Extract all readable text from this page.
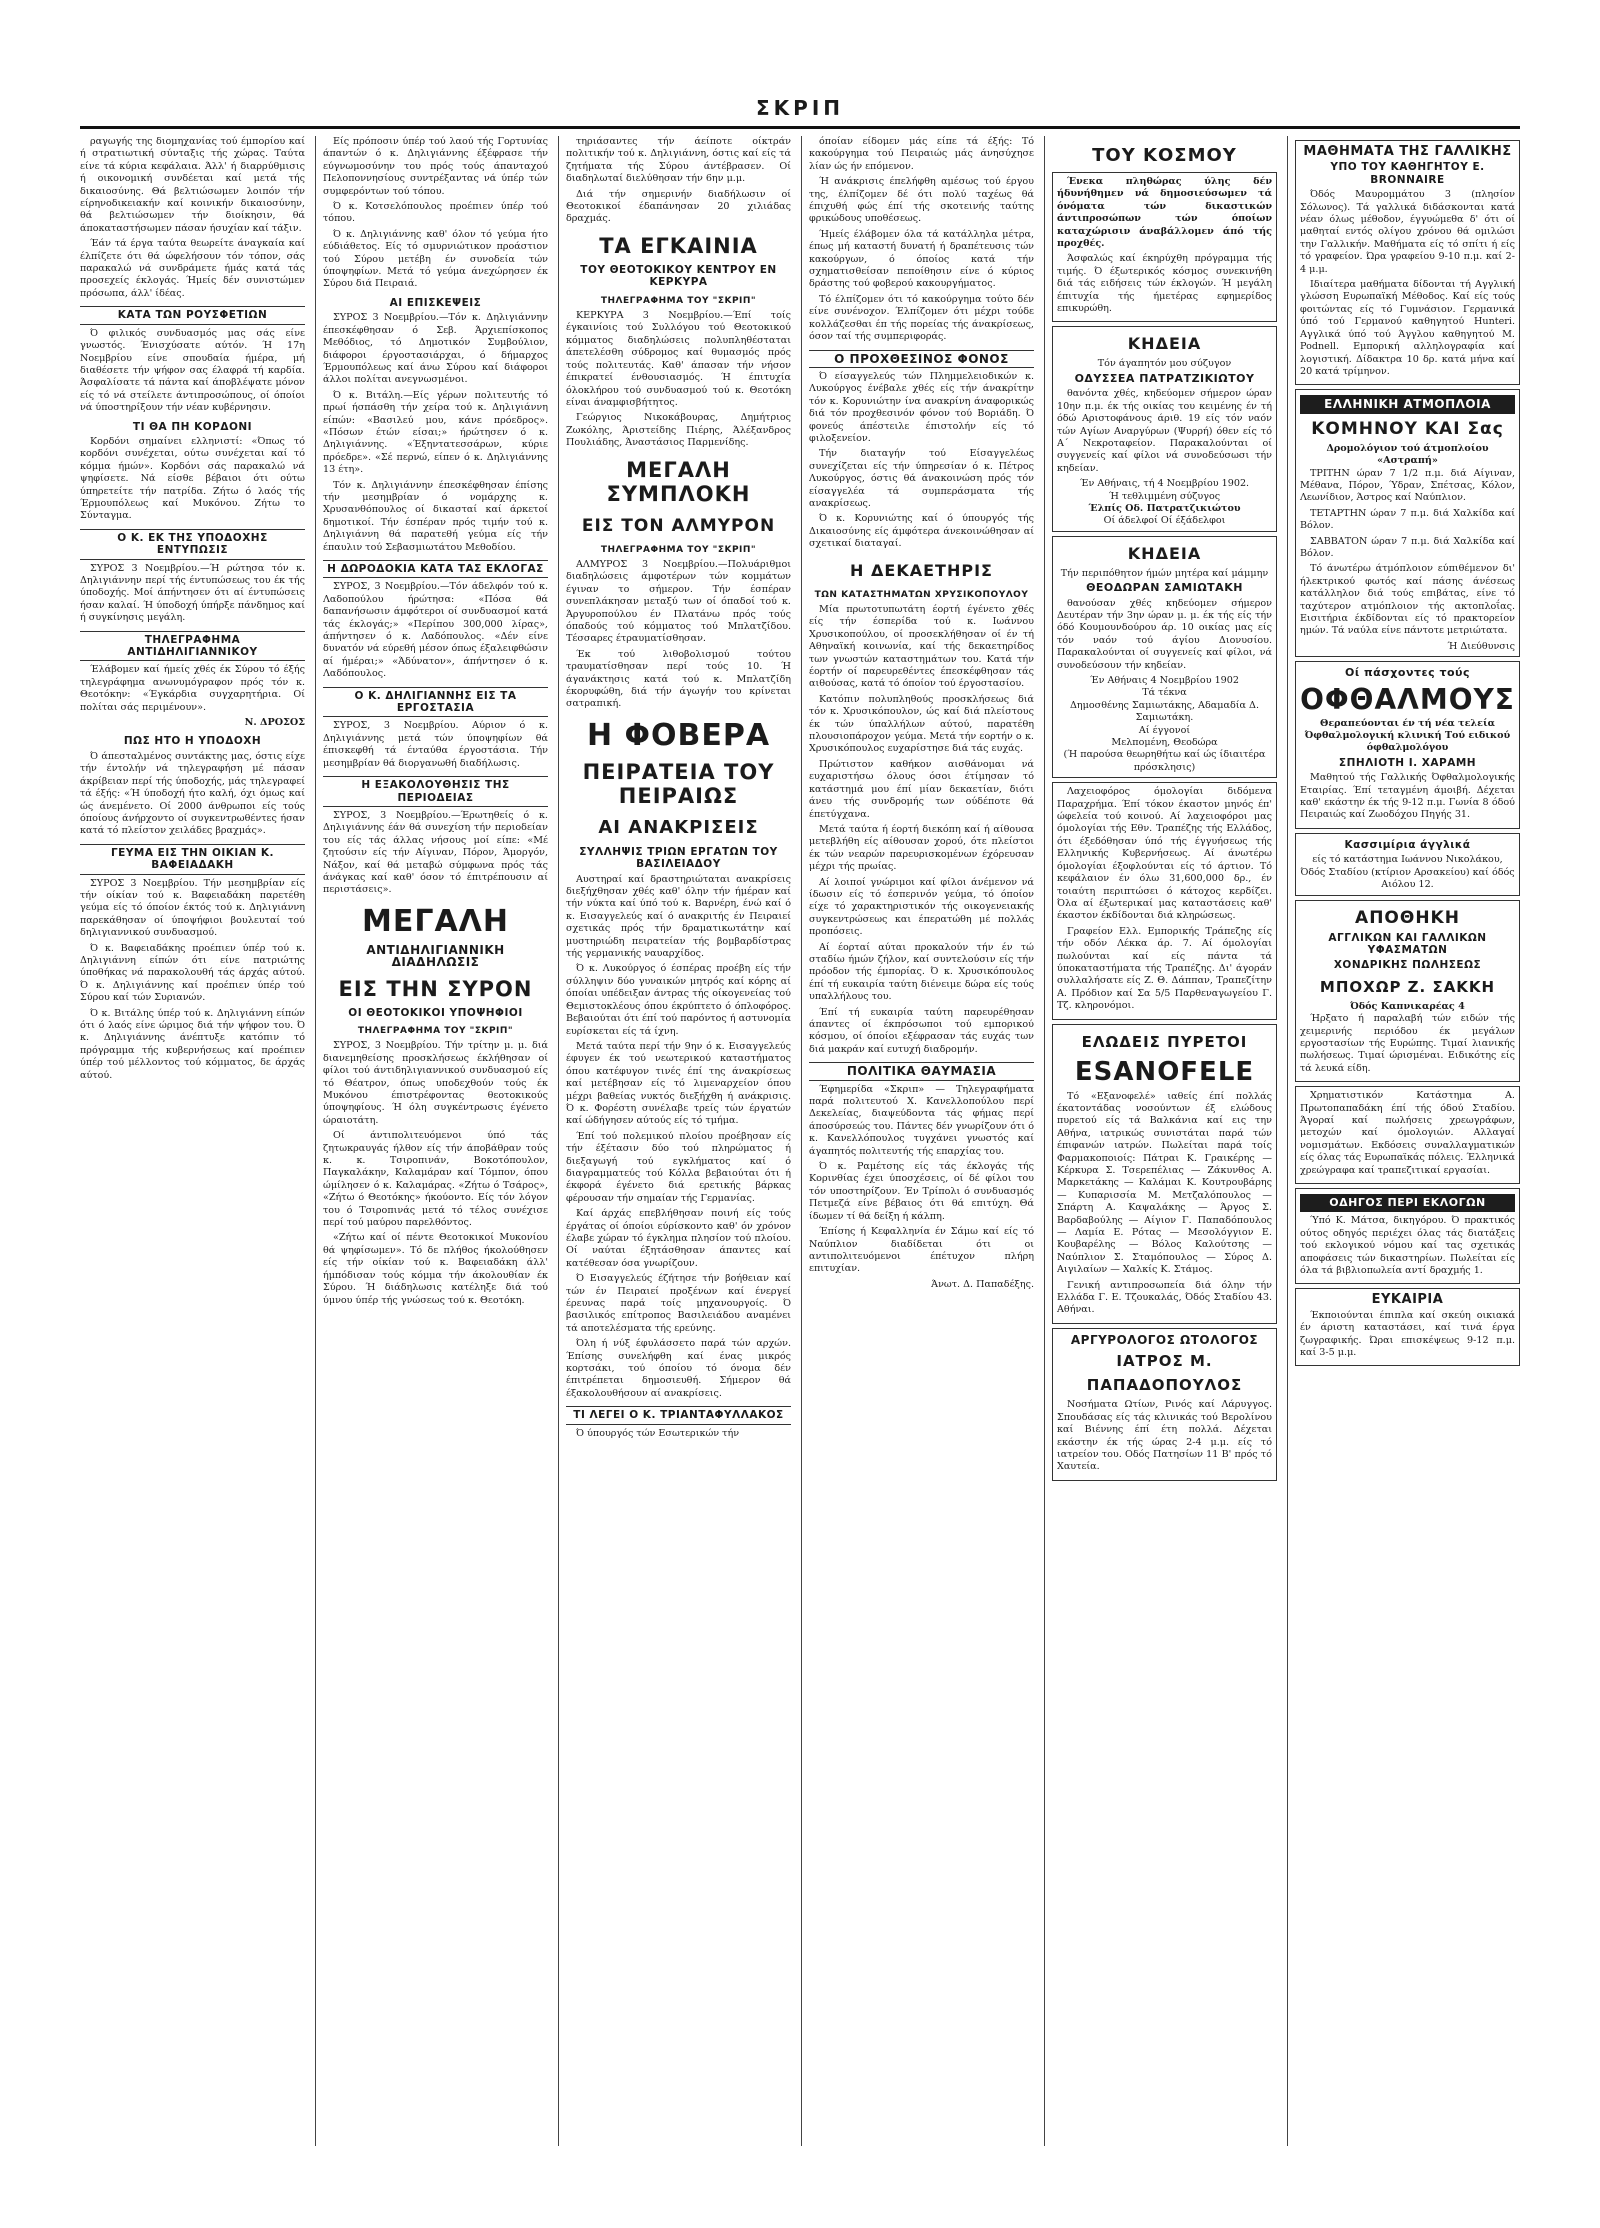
ΣΚΡΙΠ

ραγωγής της διομηχανίας τού έμπορίου καί ή στρατιωτική σύνταξις τής χώρας. Ταύτα είνε τά κύρια κεφάλαια. Άλλ' ή διαρρύθμισις ή οικονομική συνδέεται καί μετά τής δικαιοσύνης. Θά βελτιώσωμεν λοιπόν τήν είρηνοδικειακήν καί κοινικήν δικαιοσύνην, θά βελτιώσωμεν τήν διοίκησιν, θά άποκαταστήσωμεν πάσαν ήσυχίαν καί τάξιν.

Έάν τά έργα ταύτα θεωρείτε άναγκαία καί έλπίζετε ότι θά ώφελήσουν τόν τόπον, σάς παρακαλώ νά συνδράμετε ήμάς κατά τάς προσεχείς έκλογάς. Ήμείς δέν συνιστώμεν πρόσωπα, άλλ' ίδέας.

ΚΑΤΑ ΤΩΝ ΡΟΥΣΦΕΤΙΩΝ

Ό φιλικός συνδυασμός μας σάς είνε γνωστός. Ένισχύσατε αύτόν. Ή 17η Νοεμβρίου είνε σπουδαία ήμέρα, μή διαθέσετε τήν ψήφον σας έλαφρά τή καρδία. Άσφαλίσατε τά πάντα καί άποβλέψατε μόνον είς τό νά στείλετε άντιπροσώπους, οί όποίοι νά ύποστηρίξουν τήν νέαν κυβέρνησιν.

ΤΙ ΘΑ ΠΗ ΚΟΡΔΟΝΙ

Κορδόνι σημαίνει ελληνιστί: «Όπως τό κορδόνι συνέχεται, ούτω συνέχεται καί τό κόμμα ήμών». Κορδόνι σάς παρακαλώ νά ψηφίσετε. Νά είσθε βέβαιοι ότι ούτω ύπηρετείτε τήν πατρίδα. Ζήτω ό λαός τής Έρμουπόλεως καί Μυκόνου. Ζήτω το Σύνταγμα.

Ο Κ. ΕΚ ΤΗΣ ΥΠΟΔΟΧΗΣ ΕΝΤΥΠΩΣΙΣ

ΣΥΡΟΣ 3 Νοεμβρίου.—Ή ρώτησα τόν κ. Δηλιγιάννην περί τής έντυπώσεως του έκ τής ύποδοχής. Μοί άπήντησεν ότι αί έντυπώσεις ήσαν καλαί. Ή ύποδοχή ύπήρξε πάνδημος καί ή συγκίνησις μεγάλη.

ΤΗΛΕΓΡΑΦΗΜΑ ΑΝΤΙΔΗΛΙΓΙΑΝΝΙΚΟΥ

Έλάβομεν καί ήμείς χθές έκ Σύρου τό έξής τηλεγράφημα ανωνυμόγραφον πρός τόν κ. Θεοτόκην: «Έγκάρδια συγχαρητήρια. Οί πολίται σάς περιμένουν».

Ν. ΔΡΟΣΟΣ
ΠΩΣ ΗΤΟ Η ΥΠΟΔΟΧΗ

Ό άπεσταλμένος συντάκτης μας, όστις είχε τήν έντολήν νά τηλεγραφήση μέ πάσαν άκρίβειαν περί τής ύποδοχής, μάς τηλεγραφεί τά έξής: «Ή ύποδοχή ήτο καλή, όχι όμως καί ώς άνεμένετο. Οί 2000 άνθρωποι είς τούς όποίους άνήρχοντο οί συγκεντρωθέντες ήσαν κατά τό πλείστον χειλάδες βραχμάς».

ΓΕΥΜΑ ΕΙΣ ΤΗΝ ΟΙΚΙΑΝ Κ. ΒΑΦΕΙΑΔΑΚΗ

ΣΥΡΟΣ 3 Νοεμβρίου. Τήν μεσημβρίαν είς τήν οίκίαν τού κ. Βαφειαδάκη παρετέθη γεύμα είς τό όποίον έκτός τού κ. Δηλιγιάννη παρεκάθησαν οί ύποψήφιοι βουλευταί τού δηλιγιαννικού συνδυασμού.

Ό κ. Βαφειαδάκης προέπιεν ύπέρ τού κ. Δηλιγιάννη είπών ότι είνε πατριώτης ύποθήκας νά παρακολουθή τάς άρχάς αύτού. Ό κ. Δηλιγιάννης καί προέπιεν ύπέρ τού Σύρου καί τών Συριανών.

Ό κ. Βιτάλης ύπέρ τού κ. Δηλιγιάννη είπών ότι ό λαός είνε ώριμος διά τήν ψήφον του. Ό κ. Δηλιγιάννης άνέπτυξε κατόπιν τό πρόγραμμα τής κυβερνήσεως καί προέπιεν ύπέρ τού μέλλοντος τού κόμματος, δε άρχάς αύτού.

Είς πρόποσιν ύπέρ τού λαού τής Γορτυνίας άπαντών ό κ. Δηλιγιάννης έξέφρασε τήν εύγνωμοσύνην του πρός τούς άπανταχού Πελοποννησίους συντρέξαντας νά ύπέρ τών συμφερόντων τού τόπου.

Ό κ. Κοτσελόπουλος προέπιεν ύπέρ τού τόπου.

Ό κ. Δηλιγιάννης καθ' όλον τό γεύμα ήτο εύδιάθετος. Είς τό σμυρνιώτικον προάστιον τού Σύρου μετέβη έν συνοδεία τών ύποψηφίων. Μετά τό γεύμα άνεχώρησεν έκ Σύρου διά Πειραιά.

ΑΙ ΕΠΙΣΚΕΨΕΙΣ

ΣΥΡΟΣ 3 Νοεμβρίου.—Τόν κ. Δηλιγιάννην έπεσκέφθησαν ό Σεβ. Άρχιεπίσκοπος Μεθόδιος, τό Δημοτικόν Συμβούλιον, διάφοροι έργοστασιάρχαι, ό δήμαρχος Έρμουπόλεως καί άνω Σύρου καί διάφοροι άλλοι πολίται ανεγνωσμένοι.

Ό κ. Βιτάλη.—Είς γέρων πολιτευτής τό πρωί ήσπάσθη τήν χείρα τού κ. Δηλιγιάννη είπών: «Βασιλεύ μου, κάνε πρόεδρος». «Πόσων έτών είσαι;» ήρώτησεν ό κ. Δηλιγιάννης. «Έξηντατεσσάρων, κύριε πρόεδρε». «Σέ περνώ, είπεν ό κ. Δηλιγιάννης 13 έτη».

Τόν κ. Δηλιγιάννην έπεσκέφθησαν έπίσης τήν μεσημβρίαν ό νομάρχης κ. Χρυσανθόπουλος οί δικασταί καί άρκετοί δημοτικοί. Τήν έσπέραν πρός τιμήν τού κ. Δηλιγιάννη θά παρατεθή γεύμα είς τήν έπαυλιν τού Σεβασμιωτάτου Μεθοδίου.

Η ΔΩΡΟΔΟΚΙΑ ΚΑΤΑ ΤΑΣ ΕΚΛΟΓΑΣ

ΣΥΡΟΣ, 3 Νοεμβρίου.—Τόν άδελφόν τού κ. Λαδοπούλου ήρώτησα: «Πόσα θά δαπανήσωσιν άμφότεροι οί συνδυασμοί κατά τάς έκλογάς;» «Περίπου 300,000 λίρας», άπήντησεν ό κ. Λαδόπουλος. «Δέν είνε δυνατόν νά εύρεθή μέσον όπως έξαλειφθώσιν αί ήμέραι;» «Άδύνατον», άπήντησεν ό κ. Λαδόπουλος.

Ο Κ. ΔΗΛΙΓΙΑΝΝΗΣ ΕΙΣ ΤΑ ΕΡΓΟΣΤΑΣΙΑ

ΣΥΡΟΣ, 3 Νοεμβρίου. Αύριον ό κ. Δηλιγιάννης μετά τών ύποψηφίων θά έπισκεφθή τά ένταύθα έργοστάσια. Τήν μεσημβρίαν θά διοργανωθή διαδήλωσις.

Η ΕΞΑΚΟΛΟΥΘΗΣΙΣ ΤΗΣ ΠΕΡΙΟΔΕΙΑΣ

ΣΥΡΟΣ, 3 Νοεμβρίου.—Έρωτηθείς ό κ. Δηλιγιάννης έάν θά συνεχίση τήν περιοδείαν του είς τάς άλλας νήσους μοί είπε: «Μέ ζητούσιν είς τήν Αίγιναν, Πόρον, Άμοργόν, Νάξον, καί θά μεταβώ σύμφωνα πρός τάς άνάγκας καί καθ' όσον τό έπιτρέπουσιν αί περιστάσεις».

ΜΕΓΑΛΗ
ΑΝΤΙΔΗΛΙΓΙΑΝΝΙΚΗ ΔΙΑΔΗΛΩΣΙΣ
ΕΙΣ ΤΗΝ ΣΥΡΟΝ
ΟΙ ΘΕΟΤΟΚΙΚΟΙ ΥΠΟΨΗΦΙΟΙ
ΤΗΛΕΓΡΑΦΗΜΑ ΤΟΥ "ΣΚΡΙΠ"

ΣΥΡΟΣ, 3 Νοεμβρίου. Τήν τρίτην μ. μ. διά διανεμηθείσης προσκλήσεως έκλήθησαν οί φίλοι τού άντιδηλιγιαννικού συνδυασμού είς τό Θέατρον, όπως υποδεχθούν τούς έκ Μυκόνου έπιστρέφοντας θεοτοκικούς ύποψηφίους. Ή όλη συγκέντρωσις έγένετο ώραιοτάτη.

Οί άντιπολιτευόμενοι ύπό τάς ζητωκραυγάς ήλθον είς τήν άποβάθραν τούς κ. κ. Τσιροπινάν, Βοκοτόπουλον, Παγκαλάκην, Καλαμάραν καί Τόμπον, όπου ώμίλησεν ό κ. Καλαμάρας. «Ζήτω ό Τσάρος», «Ζήτω ό Θεοτόκης» ήκούοντο. Είς τόν λόγον του ό Τσιροπινάς μετά τό τέλος συνέχισε περί τού μαύρου παρελθόντος.

«Ζήτω καί οί πέντε Θεοτοκικοί Μυκονίου θά ψηφίσωμεν». Τό δε πλήθος ήκολούθησεν είς τήν οίκίαν τού κ. Βαφειαδάκη άλλ' ήμπόδισαν τούς κόμμα τήν άκολουθίαν έκ Σύρου. Ή διάδηλωσις κατέληξε διά τού ύμνου ύπέρ τής γνώσεως τού κ. Θεοτόκη.

τηριάσαντες τήν άείποτε οίκτράν πολιτικήν τού κ. Δηλιγιάννη, όστις καί είς τά ζητήματα τής Σύρου άντέβρασεν. Οί διαδηλωταί διελύθησαν τήν 6ην μ.μ.

Διά τήν σημερινήν διαδήλωσιν οί Θεοτοκικοί έδαπάνησαν 20 χιλιάδας δραχμάς.

ΤΑ ΕΓΚΑΙΝΙΑ
ΤΟΥ ΘΕΟΤΟΚΙΚΟΥ ΚΕΝΤΡΟΥ ΕΝ ΚΕΡΚΥΡΑ
ΤΗΛΕΓΡΑΦΗΜΑ ΤΟΥ "ΣΚΡΙΠ"

ΚΕΡΚΥΡΑ 3 Νοεμβρίου.—Έπί τοίς έγκαινίοις τού Συλλόγου τού Θεοτοκικού κόμματος διαδηλώσεις πολυπληθέσταται άπετελέσθη σύδρομος καί θυμασμός πρός τούς πολιτευτάς. Καθ' άπασαν τήν νήσον έπικρατεί ένθουσιασμός. Ή έπιτυχία όλοκλήρου τού συνδυασμού τού κ. Θεοτόκη είναι άναμφισβήτητος.

Γεώργιος Νικοκάβουρας, Δημήτριος Ζωκόλης, Άριστείδης Πιέρης, Άλέξανδρος Πουλιάδης, Άναστάσιος Παρμενίδης.

ΜΕΓΑΛΗ ΣΥΜΠΛΟΚΗ
ΕΙΣ ΤΟΝ ΑΛΜΥΡΟΝ
ΤΗΛΕΓΡΑΦΗΜΑ ΤΟΥ "ΣΚΡΙΠ"

ΑΛΜΥΡΟΣ 3 Νοεμβρίου.—Πολυάριθμοι διαδηλώσεις άμφοτέρων τών κομμάτων έγιναν το σήμερον. Τήν έσπέραν συνεπλάκησαν μεταξύ των οί όπαδοί τού κ. Άργυροπούλου έν Πλατάνω πρός τούς όπαδούς τού κόμματος τού Μπλατζίδου. Τέσσαρες έτραυματίσθησαν.

Έκ τού λιθοβολισμού τούτου τραυματίσθησαν περί τούς 10. Ή άγανάκτησις κατά τού κ. Μπλατζίδη έκορυφώθη, διά τήν άγωγήν του κρίνεται σατραπική.

Η ΦΟΒΕΡΑ
ΠΕΙΡΑΤΕΙΑ ΤΟΥ ΠΕΙΡΑΙΩΣ
ΑΙ ΑΝΑΚΡΙΣΕΙΣ
ΣΥΛΛΗΨΙΣ ΤΡΙΩΝ ΕΡΓΑΤΩΝ ΤΟΥ ΒΑΣΙΛΕΙΑΔΟΥ

Αυστηραί καί δραστηριώταται ανακρίσεις διεξήχθησαν χθές καθ' όλην τήν ήμέραν καί τήν νύκτα καί ύπό τού κ. Βαρνέρη, ένώ καί ό κ. Εισαγγελεύς καί ό ανακριτής έν Πειραιεί σχετικάς πρός τήν δραματικωτάτην καί μυστηριώδη πειρατείαν τής βομβαρδίστρας τής γερμανικής ναυαρχίδος.

Ό κ. Λυκούργος ό έσπέρας προέβη είς τήν σύλληψιν δύο γυναικών μητρός καί κόρης αί όποίαι υπέδειξαν άντρας τής οίκογενείας τού Θεμιστοκλέους όπου έκρύπτετο ό όπλοφόρος. Βεβαιούται ότι έπί τού παρόντος ή αστυνομία ευρίσκεται είς τά ίχνη.

Μετά ταύτα περί τήν 9ην ό κ. Εισαγγελεύς έφυγεν έκ τού νεωτερικού καταστήματος όπου κατέφυγον τινές έπί της άνακρίσεως καί μετέβησαν είς τό λιμεναρχείον όπου μέχρι βαθείας νυκτός διεξήχθη ή ανάκρισις. Ό κ. Φορέστη συνέλαβε τρείς τών έργατών καί ώδήγησεν αύτούς είς τό τμήμα.

Έπί τού πολεμικού πλοίου προέβησαν είς τήν έξέτασιν δύο τού πληρώματος ή διεξαγωγή τού εγκλήματος καί ό διαγραμματεύς τού Κόλλα βεβαιούται ότι ή έκφορά έγένετο διά ερετικής βάρκας φέρουσαν τήν σημαίαν τής Γερμανίας.

Καί άρχάς επεβλήθησαν ποινή είς τούς έργάτας οί όποίοι εύρίσκοντο καθ' όν χρόνον έλαβε χώραν τό έγκλημα πλησίον τού πλοίου. Οί ναύται έξητάσθησαν άπαντες καί κατέθεσαν όσα γνωρίζουν.

Ό Εισαγγελεύς έζήτησε τήν βοήθειαν καί τών έν Πειραιεί προξένων καί ένεργεί έρευνας παρά τοίς μηχανουργοίς. Ό βασιλικός επίτροπος Βασιλειάδου αναμένει τά αποτελέσματα τής ερεύνης.

Όλη ή νύξ έφυλάσσετο παρά τών αρχών. Έπίσης συνελήφθη καί ένας μικρός κορτσάκι, τού όποίου τό όνομα δέν έπιτρέπεται δημοσιευθή. Σήμερον θά έξακολουθήσουν αί ανακρίσεις.

ΤΙ ΛΕΓΕΙ Ο Κ. ΤΡΙΑΝΤΑΦΥΛΛΑΚΟΣ

Ό ύπουργός τών Εσωτερικών τήν

όποίαν είδομεν μάς είπε τά έξής: Τό κακούργημα τού Πειραιώς μάς άνησύχησε λίαν ώς ήν επόμενον.

Ή ανάκρισις έπελήφθη αμέσως τού έργου της, έλπίζομεν δέ ότι πολύ ταχέως θά έπιχυθή φώς έπί τής σκοτεινής ταύτης φρικώδους υποθέσεως.

Ήμείς έλάβομεν όλα τά κατάλληλα μέτρα, έπως μή καταστή δυνατή ή δραπέτευσις τών κακούργων, ό όποίος κατά τήν σχηματισθείσαν πεποίθησιν είνε ό κύριος δράστης τού φοβερού κακουργήματος.

Τό έλπίζομεν ότι τό κακούργημα τούτο δέν είνε συνένοχον. Έλπίζομεν ότι μέχρι τούδε κολλάζεσθαι έπ τής πορείας τής άνακρίσεως, όσον ταί τής συμπεριφοράς.

Ο ΠΡΟΧΘΕΣΙΝΟΣ ΦΟΝΟΣ

Ό είσαγγελεύς τών Πλημμελειοδικών κ. Λυκούργος ένέβαλε χθές είς τήν άνακρίτην τόν κ. Κορυνιώτην ίνα ανακρίνη άναφορικώς διά τόν προχθεσινόν φόνον τού Βοριάδη. Ό φονεύς άπέστειλε έπιστολήν είς τό φιλοξενείον.

Τήν διαταγήν τού Είσαγγελέως συνεχίζεται είς τήν ύπηρεσίαν ό κ. Πέτρος Λυκούργος, όστις θά άνακοινώση πρός τόν είσαγγελέα τά συμπεράσματα τής ανακρίσεως.

Ό κ. Κορυνιώτης καί ό ύπουργός τής Δικαιοσύνης είς άμφότερα άνεκοινώθησαν αί σχετικαί διαταγαί.

Η ΔΕΚΑΕΤΗΡΙΣ
ΤΩΝ ΚΑΤΑΣΤΗΜΑΤΩΝ ΧΡΥΣΙΚΟΠΟΥΛΟΥ

Μία πρωτοτυπωτάτη έορτή έγένετο χθές είς τήν έσπερίδα τού κ. Ιωάννου Χρυσικοπούλου, οί προσεκλήθησαν οί έν τή Αθηναϊκή κοινωνία, καί τής δεκαετηρίδος των γνωστών καταστημάτων του. Κατά τήν έορτήν οί παρευρεθέντες έπεσκέφθησαν τάς αιθούσας, κατά τό όποίον τού έργοστασίου.

Κατόπιν πολυπληθούς προσκλήσεως διά τόν κ. Χρυσικόπουλον, ώς καί διά πλείστους έκ τών ύπαλλήλων αύτού, παρατέθη πλουσιοπάροχον γεύμα. Μετά τήν εορτήν ο κ. Χρυσικόπουλος ευχαρίστησε διά τάς ευχάς.

Πρώτιστον καθήκον αισθάνομαι νά ευχαριστήσω όλους όσοι έτίμησαν τό κατάστημά μου έπί μίαν δεκαετίαν, διότι άνευ τής συνδρομής των ούδέποτε θά έπετύγχανα.

Μετά ταύτα ή έορτή διεκόπη καί ή αίθουσα μετεβλήθη είς αίθουσαν χορού, ότε πλείστοι έκ τών νεαρών παρευρισκομένων έχόρευσαν μέχρι τής πρωίας.

Αί λοιποί γνώριμοι καί φίλοι άνέμενον νά ίδωσιν είς τό έσπερινόν γεύμα, τό όποίον είχε τό χαρακτηριστικόν τής οικογενειακής συγκεντρώσεως και έπερατώθη μέ πολλάς προπόσεις.

Αί έορταί αύται προκαλούν τήν έν τώ σταδίω ήμών ζήλον, καί συντελούσιν είς τήν πρόοδον τής έμπορίας. Ό κ. Χρυσικόπουλος έπί τή ευκαιρία ταύτη διένειμε δώρα είς τούς υπαλλήλους του.

Έπί τή ευκαιρία ταύτη παρευρέθησαν άπαντες οί έκπρόσωποι τού εμπορικού κόσμου, οί όποίοι εξέφρασαν τάς ευχάς των διά μακράν καί ευτυχή διαδρομήν.

ΠΟΛΙΤΙΚΑ ΘΑΥΜΑΣΙΑ

Έφημερίδα «Σκριπ» — Τηλεγραφήματα παρά πολιτευτού Χ. Κανελλοπούλου περί Δεκελείας, διαψεύδοντα τάς φήμας περί άποσύρσεώς του. Πάντες δέν γνωρίζουν ότι ό κ. Κανελλόπουλος τυγχάνει γνωστός καί άγαπητός πολιτευτής τής επαρχίας του.

Ό κ. Ραμέτσης είς τάς έκλογάς τής Κορινθίας έχει ύποσχέσεις, οί δέ φίλοι του τόν υποστηρίζουν. Έν Τρίπολι ό συνδυασμός Πετμεζά είνε βέβαιος ότι θά επιτύχη. Θά ίδωμεν τί θά δείξη ή κάλπη.

Έπίσης ή Κεφαλληνία έν Σάμω καί είς τό Ναύπλιον διαδίδεται ότι οι αντιπολιτευόμενοι έπέτυχον πλήρη επιτυχίαν.

Άνωτ. Δ. Παπαδέξης.
ΤΟΥ ΚΟΣΜΟΥ

Ένεκα πληθώρας ύλης δέν ήδυνήθημεν νά δημοσιεύσωμεν τά όνόματα τών δικαστικών άντιπροσώπων τών όποίων καταχώρισιν άναβάλλομεν άπό τής προχθές.

Άσφαλώς καί έκηρύχθη πρόγραμμα τής τιμής. Ό έξωτερικός κόσμος συνεκινήθη διά τάς ειδήσεις τών έκλογών. Ή μεγάλη έπιτυχία τής ήμετέρας εφημερίδος επικυρώθη.

ΚΗΔΕΙΑ
Τόν άγαπητόν μου σύζυγον
ΟΔΥΣΣΕΑ ΠΑΤΡΑΤΖΙΚΙΩΤΟΥ

θανόντα χθές, κηδεύομεν σήμερον ώραν 10ην π.μ. έκ τής οικίας του κειμένης έν τή όδώ Αριστοφάνους άριθ. 19 είς τόν ναόν τών Αγίων Αναργύρων (Ψυρρή) όθεν είς τό Α΄ Νεκροταφείον. Παρακαλούνται οί συγγενείς καί φίλοι νά συνοδεύσωσι τήν κηδείαν.

Έν Αθήναις, τή 4 Νοεμβρίου 1902.
Ή τεθλιμμένη σύζυγος
Έλπίς Οδ. Πατρατζικιώτου
Οί άδελφοί Οί έξάδελφοι
ΚΗΔΕΙΑ
Τήν περιπόθητον ήμών μητέρα καί μάμμην
ΘΕΟΔΩΡΑΝ ΣΑΜΙΩΤΑΚΗ

θανούσαν χθές κηδεύομεν σήμερον Δευτέραν τήν 3ην ώραν μ. μ. έκ τής είς τήν όδό Κουμουνδούρου άρ. 10 οικίας μας είς τόν ναόν τού άγίου Διονυσίου. Παρακαλούνται οί συγγενείς καί φίλοι, νά συνοδεύσουν τήν κηδείαν.

Έν Αθήναις 4 Νοεμβρίου 1902
Τά τέκνα
Δημοσθένης Σαμιωτάκης, Αδαμαδία Δ. Σαμιωτάκη.
Αί έγγονοί
Μελπομένη, Θεοδώρα
(Ή παρούσα θεωρηθήτω καί ώς ίδιαιτέρα πρόσκλησις)

Λαχειοφόρος όμολογίαι διδόμενα Παραχρήμα. Έπί τόκον έκαστον μηνός έπ' ώφελεία τού κοινού. Αί λαχειοφόροι μας όμολογίαι τής Εθν. Τραπέζης τής Ελλάδος, ότι έξεδόθησαν ύπό τής έγγυήσεως τής Ελληνικής Κυβερνήσεως. Αί άνωτέρω όμολογίαι έξοφλούνται είς τό άρτιον. Τό κεφάλαιον έν όλω 31,600,000 δρ., έν τοιαύτη περιπτώσει ό κάτοχος κερδίζει. Όλα αί έξωτερικαί μας καταστάσεις καθ' έκαστον έκδίδονται διά κληρώσεως.

Γραφείον Ελλ. Εμπορικής Τράπεζης είς τήν οδόν Λέκκα άρ. 7. Αί όμολογίαι πωλούνται καί είς πάντα τά ύποκαταστήματα τής Τραπέζης. Δι' άγοράν συλλαλήσατε είς Ζ. Θ. Δάππαν, Τραπεζίτην Α. Πρόδιον καί Σα 5/5 Παρθεναγωγείου Γ. Τζ. κληρονόμοι.

ΕΛΩΔΕΙΣ ΠΥΡΕΤΟΙ
ESANOFELE

Τό «Εξανοφελέ» ιαθείς έπί πολλάς έκατοντάδας νοσούντων έξ ελώδους πυρετού είς τά Βαλκάνια καί εις την Αθήνα, ιατρικώς συνιστάται παρά τών έπιφανών ιατρών. Πωλείται παρά τοίς Φαρμακοποιοίς: Πάτραι Κ. Γραικέρης — Κέρκυρα Σ. Τσερεπέλιας — Ζάκυνθος Α. Μαρκετάκης — Καλάμαι Κ. Κουτρουβάρης — Κυπαρισσία Μ. Μετζαλόπουλος — Σπάρτη Α. Καψαλάκης — Άργος Σ. Βαρδαβούλης — Αίγιον Γ. Παπαδόπουλος — Λαμία Ε. Ρότας — Μεσολόγγιον Ε. Κουβαρέλης — Βόλος Καλούτσης — Ναύπλιον Σ. Σταμόπουλος — Σύρος Δ. Αιγιλαίων — Χαλκίς Κ. Στάμος.

Γενική αντιπροσωπεία διά όλην τήν Ελλάδα Γ. Ε. Τζουκαλάς, Όδός Σταδίου 43. Αθήναι.

ΑΡΓΥΡΟΛΟΓΟΣ ΩΤΟΛΟΓΟΣ
ΙΑΤΡΟΣ Μ. ΠΑΠΑΔΟΠΟΥΛΟΣ

Νοσήματα Ωτίων, Ρινός καί Λάρυγγος. Σπουδάσας είς τάς κλινικάς τού Βερολίνου καί Βιέννης έπί έτη πολλά. Δέχεται εκάστην έκ τής ώρας 2-4 μ.μ. είς τό ιατρείον του. Οδός Πατησίων 11 Β' πρός τό Χαυτεία.

ΜΑΘΗΜΑΤΑ ΤΗΣ ΓΑΛΛΙΚΗΣ
ΥΠΟ ΤΟΥ ΚΑΘΗΓΗΤΟΥ Ε. BRONNAIRE

Όδός Μαυρομμάτου 3 (πλησίον Σόλωνος). Τά γαλλικά διδάσκονται κατά νέαν όλως μέθοδον, έγγυώμεθα δ' ότι οί μαθηταί εντός ολίγου χρόνου θά ομιλώσι την Γαλλικήν. Μαθήματα είς τό σπίτι ή είς τό γραφείον. Ώρα γραφείου 9-10 π.μ. καί 2-4 μ.μ.

Ιδιαίτερα μαθήματα δίδονται τή Αγγλική γλώσση Ευρωπαϊκή Μέθοδος. Καί είς τούς φοιτώντας είς τό Γυμνάσιον. Γερμανικά ύπό τού Γερμανού καθηγητού Hunteri. Αγγλικά ύπό τού Άγγλου καθηγητού M. Podnell. Εμπορική αλληλογραφία καί λογιστική. Δίδακτρα 10 δρ. κατά μήνα καί 20 κατά τρίμηνον.

ΕΛΛΗΝΙΚΗ ΑΤΜΟΠΛΟΙΑ
ΚΟΜΗΝΟΥ ΚΑΙ Σας
Δρομολόγιον τού άτμοπλοίου «Αστραπή»

ΤΡΙΤΗΝ ώραν 7 1/2 π.μ. διά Αίγιναν, Μέθανα, Πόρον, Ύδραν, Σπέτσας, Κόλον, Λεωνίδιον, Άστρος καί Ναύπλιον.

ΤΕΤΑΡΤΗΝ ώραν 7 π.μ. διά Χαλκίδα καί Βόλον.

ΣΑΒΒΑΤΟΝ ώραν 7 π.μ. διά Χαλκίδα καί Βόλον.

Τό άνωτέρω άτμόπλοιον εύπιθέμενον δι' ήλεκτρικού φωτός καί πάσης άνέσεως κατάλληλον διά τούς επιβάτας, είνε τό ταχύτερον ατμόπλοιον τής ακτοπλοΐας. Εισιτήρια έκδίδονται είς τό πρακτορείον ημών. Τά ναύλα είνε πάντοτε μετριώτατα.

Ή Διεύθυνσις
Οί πάσχοντες τούς
ΟΦΘΑΛΜΟΥΣ
Θεραπεύονται έν τή νέα τελεία Όφθαλμολογική κλινική Τού ειδικού όφθαλμολόγου
ΣΠΗΛΙΟΤΗ Ι. ΧΑΡΑΜΗ

Μαθητού τής Γαλλικής Όφθαλμολογικής Εταιρίας. Έπί τεταγμένη άμοιβή. Δέχεται καθ' εκάστην έκ τής 9-12 π.μ. Γωνία 8 όδού Πειραιώς καί Ζωοδόχου Πηγής 31.

Κασσιμίρια άγγλικά
είς τό κατάστημα Ιωάννου Νικολάκου, Όδός Σταδίου (κτίριον Αρσακείου) καί όδός Αιόλου 12.
ΑΠΟΘΗΚΗ
ΑΓΓΛΙΚΩΝ ΚΑΙ ΓΑΛΛΙΚΩΝ ΥΦΑΣΜΑΤΩΝ
ΧΟΝΔΡΙΚΗΣ ΠΩΛΗΣΕΩΣ
ΜΠΟΧΩΡ Ζ. ΣΑΚΚΗ
Όδός Καπνικαρέας 4

Ήρξατο ή παραλαβή τών ειδών τής χειμερινής περιόδου έκ μεγάλων εργοστασίων τής Ευρώπης. Τιμαί λιανικής πωλήσεως. Τιμαί ώρισμέναι. Ειδικότης είς τά λευκά είδη.

Χρηματιστικόν Κατάστημα Α. Πρωτοπαπαδάκη έπί τής όδού Σταδίου. Άγοραί καί πωλήσεις χρεωγράφων, μετοχών καί όμολογιών. Αλλαγαί νομισμάτων. Εκδόσεις συναλλαγματικών είς όλας τάς Ευρωπαϊκάς πόλεις. Έλληνικά χρεώγραφα καί τραπεζιτικαί εργασίαι.

ΟΔΗΓΟΣ ΠΕΡΙ ΕΚΛΟΓΩΝ

Ύπό Κ. Μάτσα, δικηγόρου. Ό πρακτικός ούτος οδηγός περιέχει όλας τάς διατάξεις τού εκλογικού νόμου καί τας σχετικάς αποφάσεις τών δικαστηρίων. Πωλείται είς όλα τά βιβλιοπωλεία αντί δραχμής 1.

ΕΥΚΑΙΡΙΑ

Έκποιούνται έπιπλα καί σκεύη οικιακά έν άριστη καταστάσει, καί τινά έργα ζωγραφικής. Ώραι επισκέψεως 9-12 π.μ. καί 3-5 μ.μ.
